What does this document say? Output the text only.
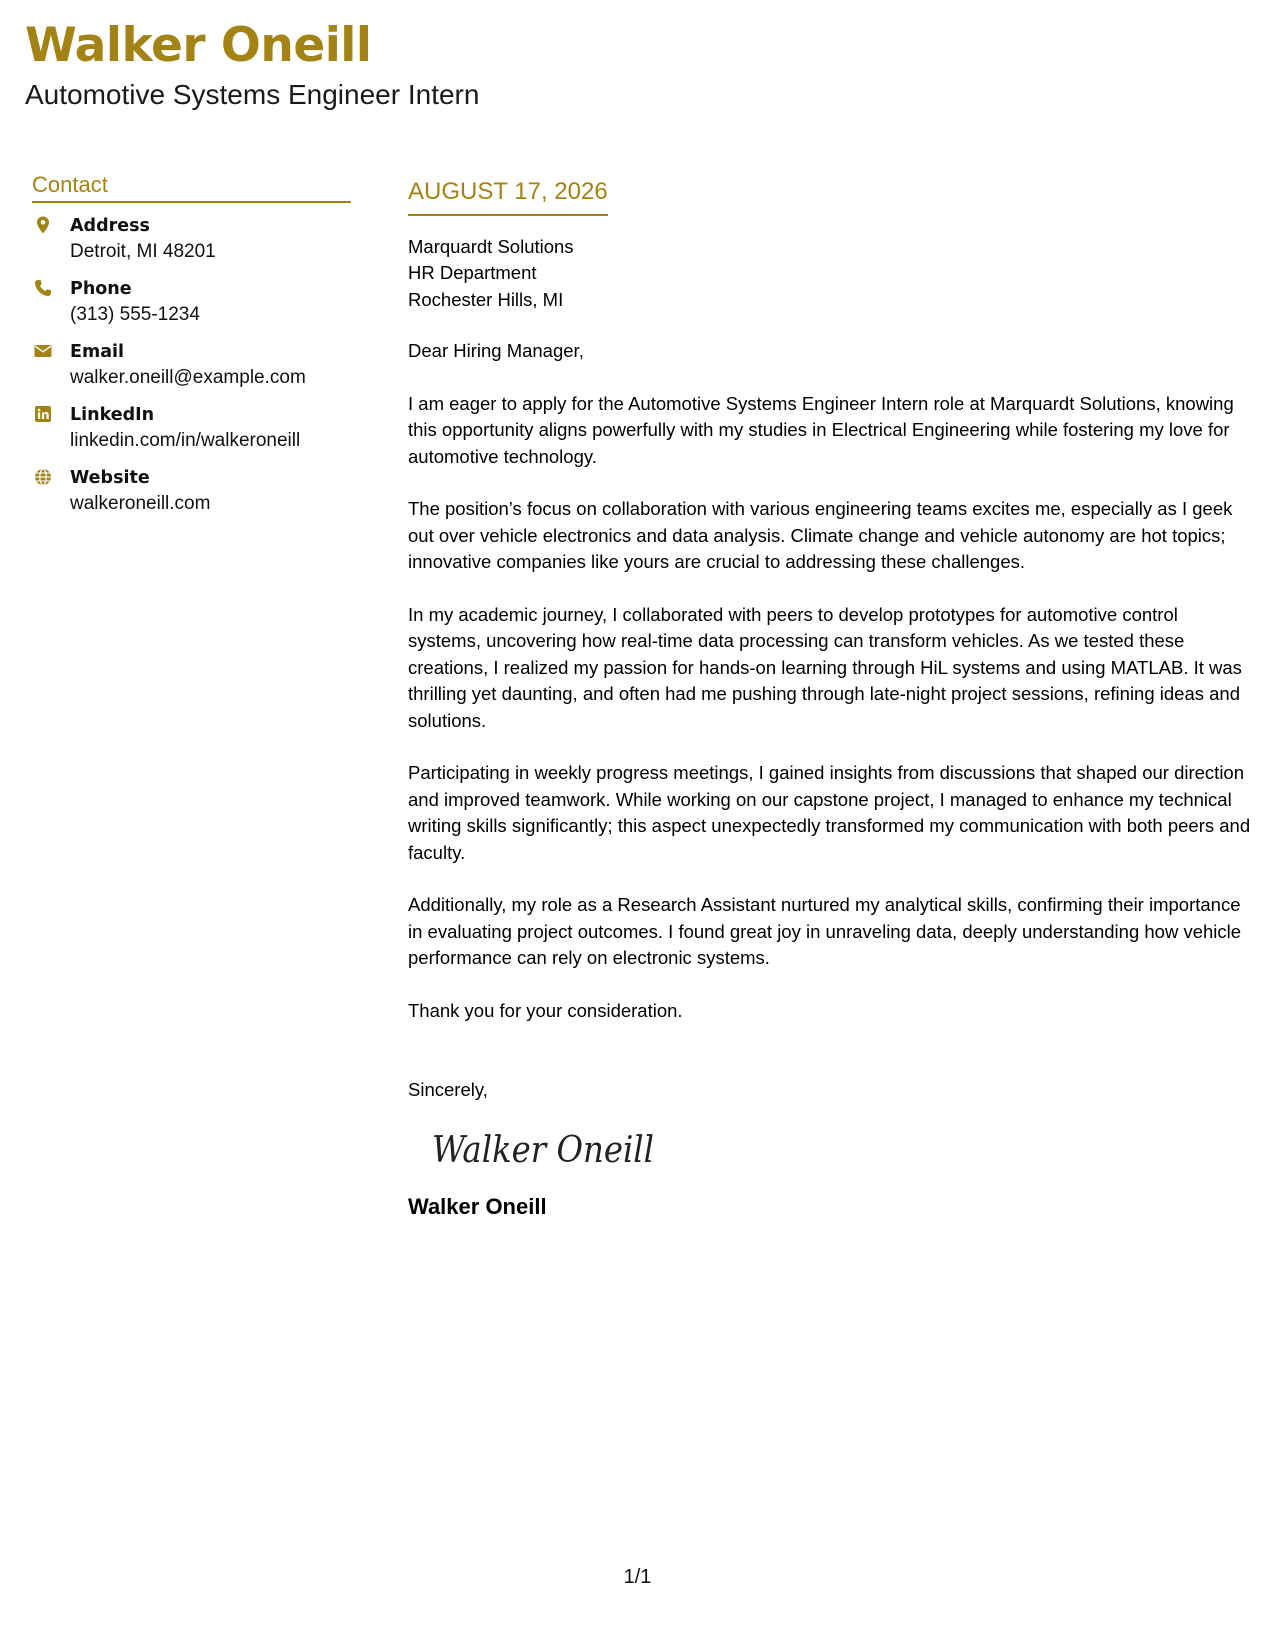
Walker Oneill
Automotive Systems Engineer Intern
Contact
Address
Detroit, MI 48201
Phone
(313) 555-1234
Email
walker.oneill@example.com
LinkedIn
linkedin.com/in/walkeroneill
Website
walkeroneill.com
AUGUST 17, 2026
Marquardt Solutions
HR Department
Rochester Hills, MI

Dear Hiring Manager,

I am eager to apply for the Automotive Systems Engineer Intern role at Marquardt Solutions, knowing this opportunity aligns powerfully with my studies in Electrical Engineering while fostering my love for automotive technology.

The position’s focus on collaboration with various engineering teams excites me, especially as I geek out over vehicle electronics and data analysis. Climate change and vehicle autonomy are hot topics; innovative companies like yours are crucial to addressing these challenges.

In my academic journey, I collaborated with peers to develop prototypes for automotive control systems, uncovering how real-time data processing can transform vehicles. As we tested these creations, I realized my passion for hands-on learning through HiL systems and using MATLAB. It was thrilling yet daunting, and often had me pushing through late-night project sessions, refining ideas and solutions.

Participating in weekly progress meetings, I gained insights from discussions that shaped our direction and improved teamwork. While working on our capstone project, I managed to enhance my technical writing skills significantly; this aspect unexpectedly transformed my communication with both peers and faculty.

Additionally, my role as a Research Assistant nurtured my analytical skills, confirming their importance in evaluating project outcomes. I found great joy in unraveling data, deeply understanding how vehicle performance can rely on electronic systems.

Thank you for your consideration.

Sincerely,

Walker Oneill

Walker Oneill

1/1
